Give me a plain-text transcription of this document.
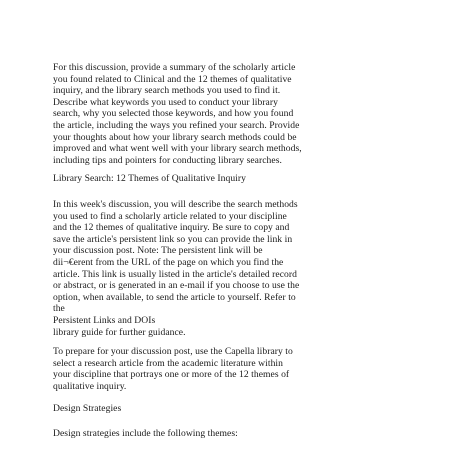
For this discussion, provide a summary of the scholarly article
you found related to Clinical and the 12 themes of qualitative
inquiry, and the library search methods you used to find it.
Describe what keywords you used to conduct your library
search, why you selected those keywords, and how you found
the article, including the ways you refined your search. Provide
your thoughts about how your library search methods could be
improved and what went well with your library search methods,
including tips and pointers for conducting library searches.
Library Search: 12 Themes of Qualitative Inquiry
In this week's discussion, you will describe the search methods
you used to find a scholarly article related to your discipline
and the 12 themes of qualitative inquiry. Be sure to copy and
save the article's persistent link so you can provide the link in
your discussion post. Note: The persistent link will be
dii¬€erent from the URL of the page on which you find the
article. This link is usually listed in the article's detailed record
or abstract, or is generated in an e-mail if you choose to use the
option, when available, to send the article to yourself. Refer to
the
Persistent Links and DOIs
library guide for further guidance.
To prepare for your discussion post, use the Capella library to
select a research article from the academic literature within
your discipline that portrays one or more of the 12 themes of
qualitative inquiry.
Design Strategies
Design strategies include the following themes:
